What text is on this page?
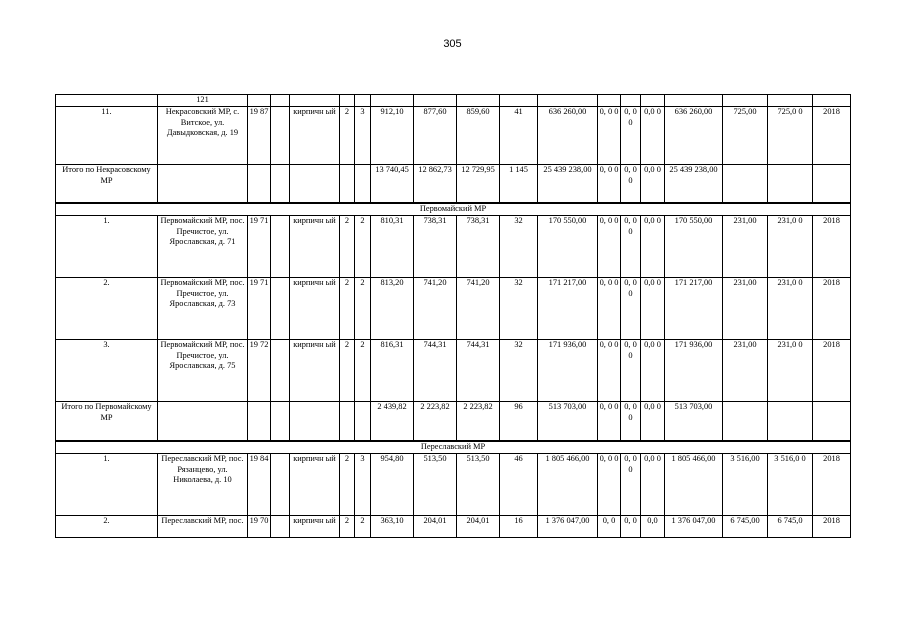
305
	121																	
11.	Некрасовский МР, с. Витское, ул. Давыдковская, д. 19	19 87		кирпичн ый	2	3	912,10	877,60	859,60	41	636 260,00	0, 0 0	0, 0 0	0,0 0	636 260,00	725,00	725,0 0	2018
Итого по Некрасовскому МР							13 740,45	12 862,73	12 729,95	1 145	25 439 238,00	0, 0 0	0, 0 0	0,0 0	25 439 238,00			
Первомайский МР																		
1.	Первомайский МР, пос. Пречистое, ул. Ярославская, д. 71	19 71		кирпичн ый	2	2	810,31	738,31	738,31	32	170 550,00	0, 0 0	0, 0 0	0,0 0	170 550,00	231,00	231,0 0	2018
2.	Первомайский МР, пос. Пречистое, ул. Ярославская, д. 73	19 71		кирпичн ый	2	2	813,20	741,20	741,20	32	171 217,00	0, 0 0	0, 0 0	0,0 0	171 217,00	231,00	231,0 0	2018
3.	Первомайский МР, пос. Пречистое, ул. Ярославская, д. 75	19 72		кирпичн ый	2	2	816,31	744,31	744,31	32	171 936,00	0, 0 0	0, 0 0	0,0 0	171 936,00	231,00	231,0 0	2018
Итого по Первомайскому МР							2 439,82	2 223,82	2 223,82	96	513 703,00	0, 0 0	0, 0 0	0,0 0	513 703,00			
Переславский МР																		
1.	Переславский МР, пос. Рязанцево, ул. Николаева, д. 10	19 84		кирпичн ый	2	3	954,80	513,50	513,50	46	1 805 466,00	0, 0 0	0, 0 0	0,0 0	1 805 466,00	3 516,00	3 516,0 0	2018
2.	Переславский МР, пос.	19 70		кирпичн ый	2	2	363,10	204,01	204,01	16	1 376 047,00	0, 0	0, 0	0,0	1 376 047,00	6 745,00	6 745,0	2018
